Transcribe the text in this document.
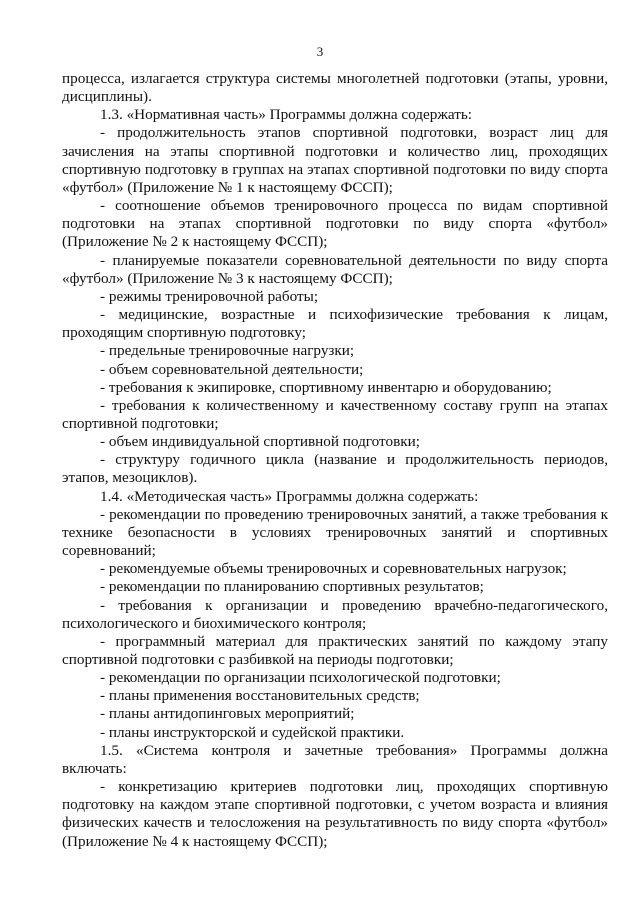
3

процесса, излагается структура системы многолетней подготовки (этапы, уровни, дисциплины).

1.3. «Нормативная часть» Программы должна содержать:

- продолжительность этапов спортивной подготовки, возраст лиц для зачисления на этапы спортивной подготовки и количество лиц, проходящих спортивную подготовку в группах на этапах спортивной подготовки по виду спорта «футбол» (Приложение № 1 к настоящему ФССП);

- соотношение объемов тренировочного процесса по видам спортивной подготовки на этапах спортивной подготовки по виду спорта «футбол» (Приложение № 2 к настоящему ФССП);

- планируемые показатели соревновательной деятельности по виду спорта «футбол» (Приложение № 3 к настоящему ФССП);

- режимы тренировочной работы;

- медицинские, возрастные и психофизические требования к лицам, проходящим спортивную подготовку;

- предельные тренировочные нагрузки;

- объем соревновательной деятельности;

- требования к экипировке, спортивному инвентарю и оборудованию;

- требования к количественному и качественному составу групп на этапах спортивной подготовки;

- объем индивидуальной спортивной подготовки;

- структуру годичного цикла (название и продолжительность периодов, этапов, мезоциклов).

1.4. «Методическая часть» Программы должна содержать:

- рекомендации по проведению тренировочных занятий, а также требования к технике безопасности в условиях тренировочных занятий и спортивных соревнований;

- рекомендуемые объемы тренировочных и соревновательных нагрузок;

- рекомендации по планированию спортивных результатов;

- требования к организации и проведению врачебно-педагогического, психологического и биохимического контроля;

- программный материал для практических занятий по каждому этапу спортивной подготовки с разбивкой на периоды подготовки;

- рекомендации по организации психологической подготовки;

- планы применения восстановительных средств;

- планы антидопинговых мероприятий;

- планы инструкторской и судейской практики.

1.5. «Система контроля и зачетные требования» Программы должна включать:

- конкретизацию критериев подготовки лиц, проходящих спортивную подготовку на каждом этапе спортивной подготовки, с учетом возраста и влияния физических качеств и телосложения на результативность по виду спорта «футбол» (Приложение № 4 к настоящему ФССП);
